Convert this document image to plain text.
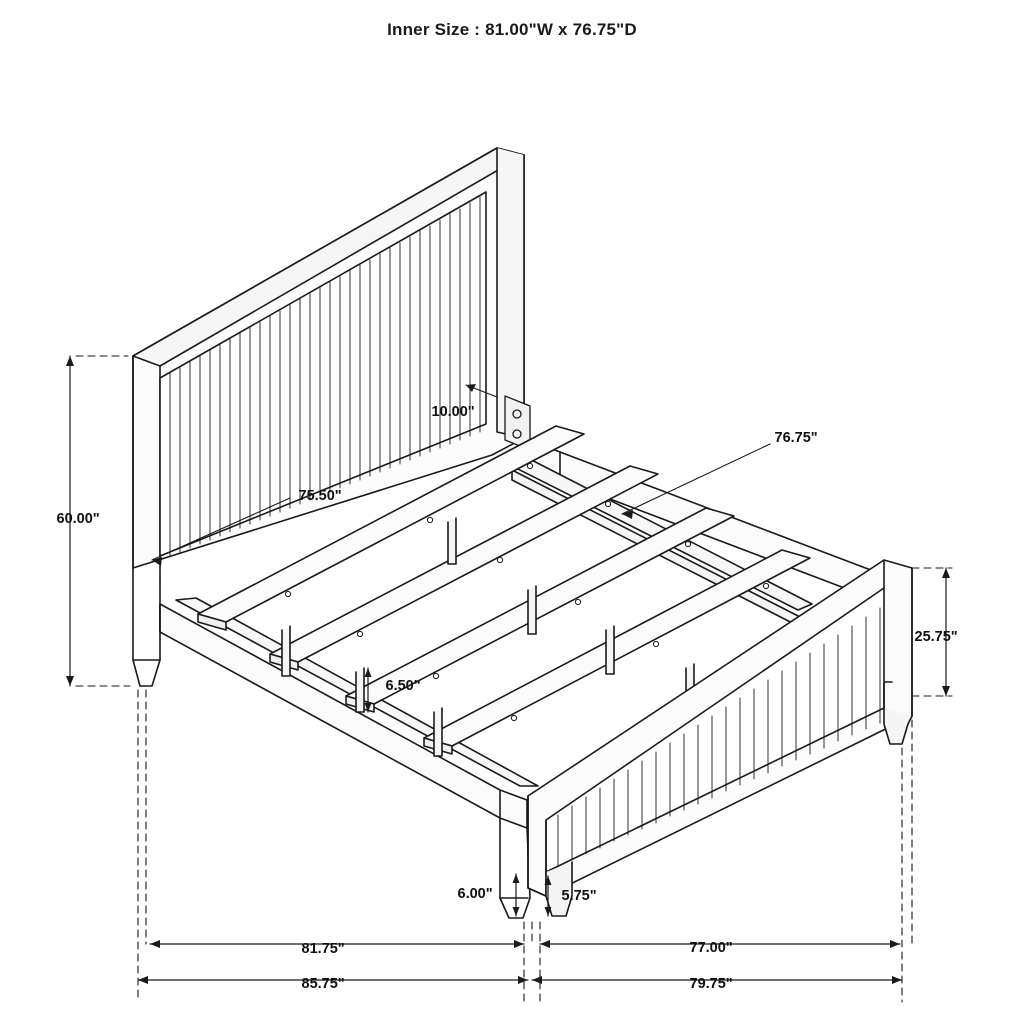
Inner Size : 81.00"W x 76.75"D
60.00"
10.00"
75.50"
76.75"
25.75"
6.50"
6.00"	5.75"
81.75"	77.00"
85.75"	79.75"
